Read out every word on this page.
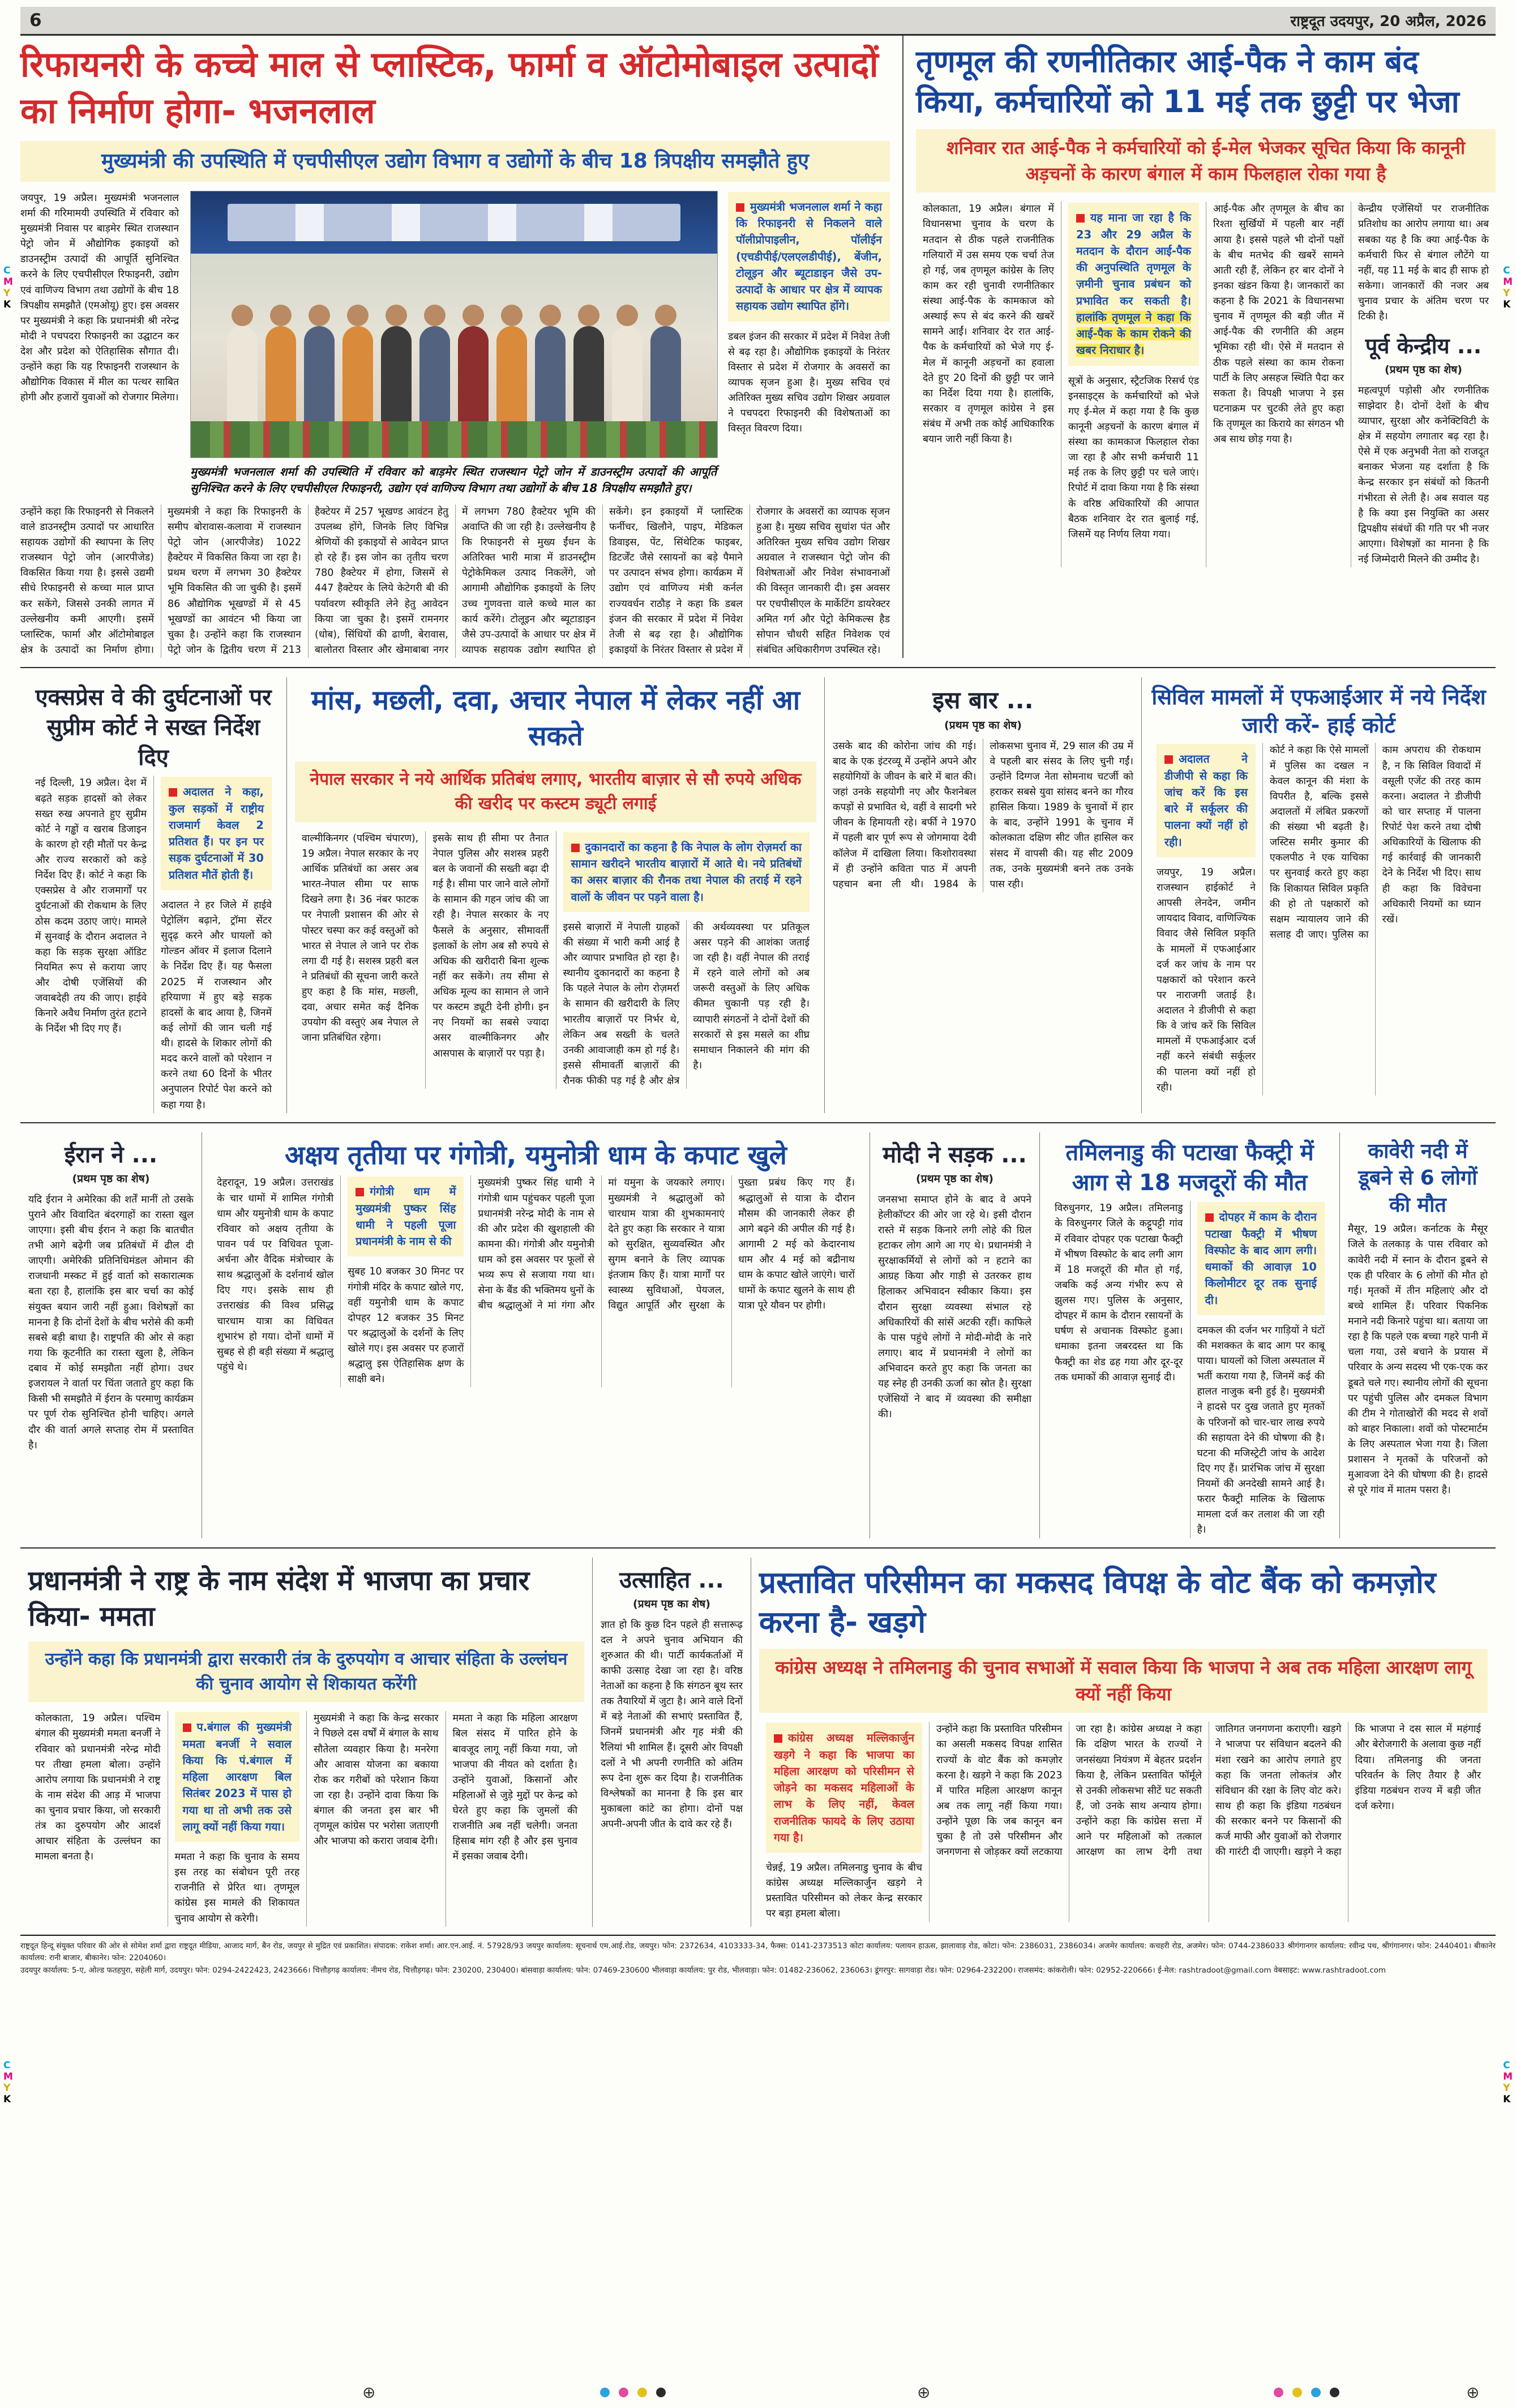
6	राष्ट्रदूत उदयपुर, 20 अप्रैल, 2026
रिफायनरी के कच्चे माल से प्लास्टिक, फार्मा व ऑटोमोबाइल उत्पादों का निर्माण होगा- भजनलाल
मुख्यमंत्री की उपस्थिति में एचपीसीएल उद्योग विभाग व उद्योगों के बीच 18 त्रिपक्षीय समझौते हुए
जयपुर, 19 अप्रैल। मुख्यमंत्री भजनलाल शर्मा की गरिमामयी उपस्थिति में रविवार को मुख्यमंत्री निवास पर बाड़मेर स्थित राजस्थान पेट्रो जोन में औद्योगिक इकाइयों को डाउनस्ट्रीम उत्पादों की आपूर्ति सुनिश्चित करने के लिए एचपीसीएल रिफाइनरी, उद्योग एवं वाणिज्य विभाग तथा उद्योगों के बीच 18 त्रिपक्षीय समझौते (एमओयू) हुए। इस अवसर पर मुख्यमंत्री ने कहा कि प्रधानमंत्री श्री नरेन्द्र मोदी ने पचपदरा रिफाइनरी का उद्घाटन कर देश और प्रदेश को ऐतिहासिक सौगात दी। उन्होंने कहा कि यह रिफाइनरी राजस्थान के औद्योगिक विकास में मील का पत्थर साबित होगी और हजारों युवाओं को रोजगार मिलेगा।
मुख्यमंत्री भजनलाल शर्मा की उपस्थिति में रविवार को बाड़मेर स्थित राजस्थान पेट्रो जोन में डाउनस्ट्रीम उत्पादों की आपूर्ति सुनिश्चित करने के लिए एचपीसीएल रिफाइनरी, उद्योग एवं वाणिज्य विभाग तथा उद्योगों के बीच 18 त्रिपक्षीय समझौते हुए।
मुख्यमंत्री भजनलाल शर्मा ने कहा कि रिफाइनरी से निकलने वाले पॉलीप्रोपाइलीन, पॉलीईन (एचडीपीई/एलएलडीपीई), बेंजीन, टोलूइन और ब्यूटाडाइन जैसे उप-उत्पादों के आधार पर क्षेत्र में व्यापक सहायक उद्योग स्थापित होंगे।
डबल इंजन की सरकार में प्रदेश में निवेश तेजी से बढ़ रहा है। औद्योगिक इकाइयों के निरंतर विस्तार से प्रदेश में रोजगार के अवसरों का व्यापक सृजन हुआ है। मुख्य सचिव एवं अतिरिक्त मुख्य सचिव उद्योग शिखर अग्रवाल ने पचपदरा रिफाइनरी की विशेषताओं का विस्तृत विवरण दिया।
उन्होंने कहा कि रिफाइनरी से निकलने वाले डाउनस्ट्रीम उत्पादों पर आधारित सहायक उद्योगों की स्थापना के लिए राजस्थान पेट्रो जोन (आरपीजेड) विकसित किया गया है। इससे उद्यमी सीधे रिफाइनरी से कच्चा माल प्राप्त कर सकेंगे, जिससे उनकी लागत में उल्लेखनीय कमी आएगी। इसमें प्लास्टिक, फार्मा और ऑटोमोबाइल क्षेत्र के उत्पादों का निर्माण होगा। मुख्यमंत्री ने कहा कि रिफाइनरी के समीप बोरावास-कलावा में राजस्थान पेट्रो जोन (आरपीजेड) 1022 हैक्टेयर में विकसित किया जा रहा है। प्रथम चरण में लगभग 30 हैक्टेयर भूमि विकसित की जा चुकी है। इसमें 86 औद्योगिक भूखण्डों में से 45 भूखण्डों का आवंटन भी किया जा चुका है। उन्होंने कहा कि राजस्थान पेट्रो जोन के द्वितीय चरण में 213 हैक्टेयर में 257 भूखण्ड आवंटन हेतु उपलब्ध होंगे, जिनके लिए विभिन्न श्रेणियों की इकाइयों से आवेदन प्राप्त हो रहे हैं। इस जोन का तृतीय चरण 780 हैक्टेयर में होगा, जिसमें से 447 हैक्टेयर के लिये केटेगरी बी की पर्यावरण स्वीकृति लेने हेतु आवेदन किया जा चुका है। इसमें रामनगर (धोब), सिंधियों की ढाणी, बेरावास, बालोतरा विस्तार और खेमाबाबा नगर में लगभग 780 हैक्टेयर भूमि की अवाप्ति की जा रही है। उल्लेखनीय है कि रिफाइनरी से मुख्य ईंधन के अतिरिक्त भारी मात्रा में डाउनस्ट्रीम पेट्रोकेमिकल उत्पाद निकलेंगे, जो आगामी औद्योगिक इकाइयों के लिए उच्च गुणवत्ता वाले कच्चे माल का कार्य करेंगे। टोलूइन और ब्यूटाडाइन जैसे उप-उत्पादों के आधार पर क्षेत्र में व्यापक सहायक उद्योग स्थापित हो सकेंगे। इन इकाइयों में प्लास्टिक फर्नीचर, खिलौने, पाइप, मेडिकल डिवाइस, पेंट, सिंथेटिक फाइबर, डिटर्जेंट जैसे रसायनों का बड़े पैमाने पर उत्पादन संभव होगा। कार्यक्रम में उद्योग एवं वाणिज्य मंत्री कर्नल राज्यवर्धन राठौड़ ने कहा कि डबल इंजन की सरकार में प्रदेश में निवेश तेजी से बढ़ रहा है। औद्योगिक इकाइयों के निरंतर विस्तार से प्रदेश में रोजगार के अवसरों का व्यापक सृजन हुआ है। मुख्य सचिव सुधांश पंत और अतिरिक्त मुख्य सचिव उद्योग शिखर अग्रवाल ने राजस्थान पेट्रो जोन की विशेषताओं और निवेश संभावनाओं की विस्तृत जानकारी दी। इस अवसर पर एचपीसीएल के मार्केटिंग डायरेक्टर अमित गर्ग और पेट्रो केमिकल्स हैड सोपान चौधरी सहित निवेशक एवं संबंधित अधिकारीगण उपस्थित रहे।
तृणमूल की रणनीतिकार आई-पैक ने काम बंद किया, कर्मचारियों को 11 मई तक छुट्टी पर भेजा
शनिवार रात आई-पैक ने कर्मचारियों को ई-मेल भेजकर सूचित किया कि कानूनी अड़चनों के कारण बंगाल में काम फिलहाल रोका गया है
कोलकाता, 19 अप्रैल। बंगाल में विधानसभा चुनाव के चरण के मतदान से ठीक पहले राजनीतिक गलियारों में उस समय एक चर्चा तेज हो गई, जब तृणमूल कांग्रेस के लिए काम कर रही चुनावी रणनीतिकार संस्था आई-पैक के कामकाज को अस्थाई रूप से बंद करने की खबरें सामने आईं। शनिवार देर रात आई-पैक के कर्मचारियों को भेजे गए ई-मेल में कानूनी अड़चनों का हवाला देते हुए 20 दिनों की छुट्टी पर जाने का निर्देश दिया गया है। हालांकि, सरकार व तृणमूल कांग्रेस ने इस संबंध में अभी तक कोई आधिकारिक बयान जारी नहीं किया है।
यह माना जा रहा है कि 23 और 29 अप्रैल के मतदान के दौरान आई-पैक की अनुपस्थिति तृणमूल के ज़मीनी चुनाव प्रबंधन को प्रभावित कर सकती है। हालांकि तृणमूल ने कहा कि आई-पैक के काम रोकने की खबर निराधार है।
सूत्रों के अनुसार, स्ट्रैटजिक रिसर्च एंड इनसाइट्स के कर्मचारियों को भेजे गए ई-मेल में कहा गया है कि कुछ कानूनी अड़चनों के कारण बंगाल में संस्था का कामकाज फिलहाल रोका जा रहा है और सभी कर्मचारी 11 मई तक के लिए छुट्टी पर चले जाएं। रिपोर्ट में दावा किया गया है कि संस्था के वरिष्ठ अधिकारियों की आपात बैठक शनिवार देर रात बुलाई गई, जिसमें यह निर्णय लिया गया।
आई-पैक और तृणमूल के बीच का रिश्ता सुर्खियों में पहली बार नहीं आया है। इससे पहले भी दोनों पक्षों के बीच मतभेद की खबरें सामने आती रही हैं, लेकिन हर बार दोनों ने इनका खंडन किया है। जानकारों का कहना है कि 2021 के विधानसभा चुनाव में तृणमूल की बड़ी जीत में आई-पैक की रणनीति की अहम भूमिका रही थी। ऐसे में मतदान से ठीक पहले संस्था का काम रोकना पार्टी के लिए असहज स्थिति पैदा कर सकता है। विपक्षी भाजपा ने इस घटनाक्रम पर चुटकी लेते हुए कहा कि तृणमूल का किराये का संगठन भी अब साथ छोड़ गया है।
केन्द्रीय एजेंसियों पर राजनीतिक प्रतिशोध का आरोप लगाया था। अब सबका यह है कि क्या आई-पैक के कर्मचारी फिर से बंगाल लौटेंगे या नहीं, यह 11 मई के बाद ही साफ हो सकेगा। जानकारों की नजर अब चुनाव प्रचार के अंतिम चरण पर टिकी है।
पूर्व केन्द्रीय ...
(प्रथम पृष्ठ का शेष)
महत्वपूर्ण पड़ोसी और रणनीतिक साझेदार है। दोनों देशों के बीच व्यापार, सुरक्षा और कनेक्टिविटी के क्षेत्र में सहयोग लगातार बढ़ रहा है। ऐसे में एक अनुभवी नेता को राजदूत बनाकर भेजना यह दर्शाता है कि केन्द्र सरकार इन संबंधों को कितनी गंभीरता से लेती है। अब सवाल यह है कि क्या इस नियुक्ति का असर द्विपक्षीय संबंधों की गति पर भी नजर आएगा। विशेषज्ञों का मानना है कि नई जिम्मेदारी मिलने की उम्मीद है।
एक्सप्रेस वे की दुर्घटनाओं पर सुप्रीम कोर्ट ने सख्त निर्देश दिए
नई दिल्ली, 19 अप्रैल। देश में बढ़ते सड़क हादसों को लेकर सख्त रुख अपनाते हुए सुप्रीम कोर्ट ने गड्ढों व खराब डिजाइन के कारण हो रही मौतों पर केन्द्र और राज्य सरकारों को कड़े निर्देश दिए हैं। कोर्ट ने कहा कि एक्सप्रेस वे और राजमार्गों पर दुर्घटनाओं की रोकथाम के लिए ठोस कदम उठाए जाएं। मामले में सुनवाई के दौरान अदालत ने कहा कि सड़क सुरक्षा ऑडिट नियमित रूप से कराया जाए और दोषी एजेंसियों की जवाबदेही तय की जाए। हाईवे किनारे अवैध निर्माण तुरंत हटाने के निर्देश भी दिए गए हैं।
अदालत ने कहा, कुल सड़कों में राष्ट्रीय राजमार्ग केवल 2 प्रतिशत हैं। पर इन पर सड़क दुर्घटनाओं में 30 प्रतिशत मौतें होती हैं।
अदालत ने हर जिले में हाईवे पेट्रोलिंग बढ़ाने, ट्रॉमा सेंटर सुदृढ़ करने और घायलों को गोल्डन ऑवर में इलाज दिलाने के निर्देश दिए हैं। यह फैसला 2025 में राजस्थान और हरियाणा में हुए बड़े सड़क हादसों के बाद आया है, जिनमें कई लोगों की जान चली गई थी। हादसे के शिकार लोगों की मदद करने वालों को परेशान न करने तथा 60 दिनों के भीतर अनुपालन रिपोर्ट पेश करने को कहा गया है।
मांस, मछली, दवा, अचार नेपाल में लेकर नहीं आ सकते
नेपाल सरकार ने नये आर्थिक प्रतिबंध लगाए, भारतीय बाज़ार से सौ रुपये अधिक की खरीद पर कस्टम ड्यूटी लगाई
वाल्मीकिनगर (पश्चिम चंपारण), 19 अप्रैल। नेपाल सरकार के नए आर्थिक प्रतिबंधों का असर अब भारत-नेपाल सीमा पर साफ दिखने लगा है। 36 नंबर फाटक पर नेपाली प्रशासन की ओर से पोस्टर चस्पा कर कई वस्तुओं को भारत से नेपाल ले जाने पर रोक लगा दी गई है। सशस्त्र प्रहरी बल ने प्रतिबंधों की सूचना जारी करते हुए कहा है कि मांस, मछली, दवा, अचार समेत कई दैनिक उपयोग की वस्तुएं अब नेपाल ले जाना प्रतिबंधित रहेगा।
इसके साथ ही सीमा पर तैनात नेपाल पुलिस और सशस्त्र प्रहरी बल के जवानों की सख्ती बढ़ा दी गई है। सीमा पार जाने वाले लोगों के सामान की गहन जांच की जा रही है। नेपाल सरकार के नए फैसले के अनुसार, सीमावर्ती इलाकों के लोग अब सौ रुपये से अधिक की खरीदारी बिना शुल्क नहीं कर सकेंगे। तय सीमा से अधिक मूल्य का सामान ले जाने पर कस्टम ड्यूटी देनी होगी। इन नए नियमों का सबसे ज्यादा असर वाल्मीकिनगर और आसपास के बाज़ारों पर पड़ा है।
दुकानदारों का कहना है कि नेपाल के लोग रोज़मर्रा का सामान खरीदने भारतीय बाज़ारों में आते थे। नये प्रतिबंधों का असर बाज़ार की रौनक तथा नेपाल की तराई में रहने वालों के जीवन पर पड़ने वाला है।
इससे बाज़ारों में नेपाली ग्राहकों की संख्या में भारी कमी आई है और व्यापार प्रभावित हो रहा है। स्थानीय दुकानदारों का कहना है कि पहले नेपाल के लोग रोज़मर्रा के सामान की खरीदारी के लिए भारतीय बाज़ारों पर निर्भर थे, लेकिन अब सख्ती के चलते उनकी आवाजाही कम हो गई है। इससे सीमावर्ती बाज़ारों की रौनक फीकी पड़ गई है और क्षेत्र की अर्थव्यवस्था पर प्रतिकूल असर पड़ने की आशंका जताई जा रही है। वहीं नेपाल की तराई में रहने वाले लोगों को अब जरूरी वस्तुओं के लिए अधिक कीमत चुकानी पड़ रही है। व्यापारी संगठनों ने दोनों देशों की सरकारों से इस मसले का शीघ्र समाधान निकालने की मांग की है।
इस बार ...
(प्रथम पृष्ठ का शेष)
उसके बाद की कोरोना जांच की गई। बाद के एक इंटरव्यू में उन्होंने अपने और सहयोगियों के जीवन के बारे में बात की। जहां उनके सहयोगी नए और फैशनेबल कपड़ों से प्रभावित थे, वहीं वे सादगी भरे जीवन के हिमायती रहे। बर्फी ने 1970 में पहली बार पूर्ण रूप से जोगमाया देवी कॉलेज में दाखिला लिया। किशोरावस्था में ही उन्होंने कविता पाठ में अपनी पहचान बना ली थी। 1984 के लोकसभा चुनाव में, 29 साल की उम्र में वे पहली बार संसद के लिए चुनी गईं। उन्होंने दिग्गज नेता सोमनाथ चटर्जी को हराकर सबसे युवा सांसद बनने का गौरव हासिल किया। 1989 के चुनावों में हार के बाद, उन्होंने 1991 के चुनाव में कोलकाता दक्षिण सीट जीत हासिल कर संसद में वापसी की। यह सीट 2009 तक, उनके मुख्यमंत्री बनने तक उनके पास रही।
सिविल मामलों में एफआईआर में नये निर्देश जारी करें- हाई कोर्ट
अदालत ने डीजीपी से कहा कि जांच करें कि इस बारे में सर्कूलर की पालना क्यों नहीं हो रही।
जयपुर, 19 अप्रैल। राजस्थान हाईकोर्ट ने आपसी लेनदेन, जमीन जायदाद विवाद, वाणिज्यिक विवाद जैसे सिविल प्रकृति के मामलों में एफआईआर दर्ज कर जांच के नाम पर पक्षकारों को परेशान करने पर नाराजगी जताई है। अदालत ने डीजीपी से कहा कि वे जांच करें कि सिविल मामलों में एफआईआर दर्ज नहीं करने संबंधी सर्कूलर की पालना क्यों नहीं हो रही।
कोर्ट ने कहा कि ऐसे मामलों में पुलिस का दखल न केवल कानून की मंशा के विपरीत है, बल्कि इससे अदालतों में लंबित प्रकरणों की संख्या भी बढ़ती है। जस्टिस समीर कुमार की एकलपीठ ने एक याचिका पर सुनवाई करते हुए कहा कि शिकायत सिविल प्रकृति की हो तो पक्षकारों को सक्षम न्यायालय जाने की सलाह दी जाए। पुलिस का काम अपराध की रोकथाम है, न कि सिविल विवादों में वसूली एजेंट की तरह काम करना। अदालत ने डीजीपी को चार सप्ताह में पालना रिपोर्ट पेश करने तथा दोषी अधिकारियों के खिलाफ की गई कार्रवाई की जानकारी देने के निर्देश भी दिए। साथ ही कहा कि विवेचना अधिकारी नियमों का ध्यान रखें।
ईरान ने ...
(प्रथम पृष्ठ का शेष)
यदि ईरान ने अमेरिका की शर्तें मानीं तो उसके पुराने और विवादित बंदरगाहों का रास्ता खुल जाएगा। इसी बीच ईरान ने कहा कि बातचीत तभी आगे बढ़ेगी जब प्रतिबंधों में ढील दी जाएगी। अमेरिकी प्रतिनिधिमंडल ओमान की राजधानी मस्कट में हुई वार्ता को सकारात्मक बता रहा है, हालांकि इस बार चर्चा का कोई संयुक्त बयान जारी नहीं हुआ। विशेषज्ञों का मानना है कि दोनों देशों के बीच भरोसे की कमी सबसे बड़ी बाधा है। राष्ट्रपति की ओर से कहा गया कि कूटनीति का रास्ता खुला है, लेकिन दबाव में कोई समझौता नहीं होगा। उधर इजरायल ने वार्ता पर चिंता जताते हुए कहा कि किसी भी समझौते में ईरान के परमाणु कार्यक्रम पर पूर्ण रोक सुनिश्चित होनी चाहिए। अगले दौर की वार्ता अगले सप्ताह रोम में प्रस्तावित है।
अक्षय तृतीया पर गंगोत्री, यमुनोत्री धाम के कपाट खुले
देहरादून, 19 अप्रैल। उत्तराखंड के चार धामों में शामिल गंगोत्री धाम और यमुनोत्री धाम के कपाट रविवार को अक्षय तृतीया के पावन पर्व पर विधिवत पूजा-अर्चना और वैदिक मंत्रोच्चार के साथ श्रद्धालुओं के दर्शनार्थ खोल दिए गए। इसके साथ ही उत्तराखंड की विश्व प्रसिद्ध चारधाम यात्रा का विधिवत शुभारंभ हो गया। दोनों धामों में सुबह से ही बड़ी संख्या में श्रद्धालु पहुंचे थे।
गंगोत्री धाम में मुख्यमंत्री पुष्कर सिंह धामी ने पहली पूजा प्रधानमंत्री के नाम से की
सुबह 10 बजकर 30 मिनट पर गंगोत्री मंदिर के कपाट खोले गए, वहीं यमुनोत्री धाम के कपाट दोपहर 12 बजकर 35 मिनट पर श्रद्धालुओं के दर्शनों के लिए खोले गए। इस अवसर पर हजारों श्रद्धालु इस ऐतिहासिक क्षण के साक्षी बने।
मुख्यमंत्री पुष्कर सिंह धामी ने गंगोत्री धाम पहुंचकर पहली पूजा प्रधानमंत्री नरेन्द्र मोदी के नाम से की और प्रदेश की खुशहाली की कामना की। गंगोत्री और यमुनोत्री धाम को इस अवसर पर फूलों से भव्य रूप से सजाया गया था। सेना के बैंड की भक्तिमय धुनों के बीच श्रद्धालुओं ने मां गंगा और मां यमुना के जयकारे लगाए। मुख्यमंत्री ने श्रद्धालुओं को चारधाम यात्रा की शुभकामनाएं देते हुए कहा कि सरकार ने यात्रा को सुरक्षित, सुव्यवस्थित और सुगम बनाने के लिए व्यापक इंतजाम किए हैं। यात्रा मार्गों पर स्वास्थ्य सुविधाओं, पेयजल, विद्युत आपूर्ति और सुरक्षा के पुख्ता प्रबंध किए गए हैं। श्रद्धालुओं से यात्रा के दौरान मौसम की जानकारी लेकर ही आगे बढ़ने की अपील की गई है। आगामी 2 मई को केदारनाथ धाम और 4 मई को बद्रीनाथ धाम के कपाट खोले जाएंगे। चारों धामों के कपाट खुलने के साथ ही यात्रा पूरे यौवन पर होगी।
मोदी ने सड़क ...
(प्रथम पृष्ठ का शेष)
जनसभा समाप्त होने के बाद वे अपने हेलीकॉप्टर की ओर जा रहे थे। इसी दौरान रास्ते में सड़क किनारे लगी लोहे की ग्रिल हटाकर लोग आगे आ गए थे। प्रधानमंत्री ने सुरक्षाकर्मियों से लोगों को न हटाने का आग्रह किया और गाड़ी से उतरकर हाथ हिलाकर अभिवादन स्वीकार किया। इस दौरान सुरक्षा व्यवस्था संभाल रहे अधिकारियों की सांसें अटकी रहीं। काफिले के पास पहुंचे लोगों ने मोदी-मोदी के नारे लगाए। बाद में प्रधानमंत्री ने लोगों का अभिवादन करते हुए कहा कि जनता का यह स्नेह ही उनकी ऊर्जा का स्रोत है। सुरक्षा एजेंसियों ने बाद में व्यवस्था की समीक्षा की।
तमिलनाडु की पटाखा फैक्ट्री में आग से 18 मजदूरों की मौत
विरुधुनगर, 19 अप्रैल। तमिलनाडु के विरुधुनगर जिले के कट्टूपट्टी गांव में रविवार दोपहर एक पटाखा फैक्ट्री में भीषण विस्फोट के बाद लगी आग में 18 मजदूरों की मौत हो गई, जबकि कई अन्य गंभीर रूप से झुलस गए। पुलिस के अनुसार, दोपहर में काम के दौरान रसायनों के घर्षण से अचानक विस्फोट हुआ। धमाका इतना जबरदस्त था कि फैक्ट्री का शेड ढह गया और दूर-दूर तक धमाकों की आवाज़ सुनाई दी।
दोपहर में काम के दौरान पटाखा फैक्ट्री में भीषण विस्फोट के बाद आग लगी। धमाकों की आवाज़ 10 किलोमीटर दूर तक सुनाई दी।
दमकल की दर्जन भर गाड़ियों ने घंटों की मशक्कत के बाद आग पर काबू पाया। घायलों को जिला अस्पताल में भर्ती कराया गया है, जिनमें कई की हालत नाजुक बनी हुई है। मुख्यमंत्री ने हादसे पर दुख जताते हुए मृतकों के परिजनों को चार-चार लाख रुपये की सहायता देने की घोषणा की है। घटना की मजिस्ट्रेटी जांच के आदेश दिए गए हैं। प्रारंभिक जांच में सुरक्षा नियमों की अनदेखी सामने आई है। फरार फैक्ट्री मालिक के खिलाफ मामला दर्ज कर तलाश की जा रही है।
कावेरी नदी में डूबने से 6 लोगों की मौत
मैसूर, 19 अप्रैल। कर्नाटक के मैसूर जिले के तलकाड़ के पास रविवार को कावेरी नदी में स्नान के दौरान डूबने से एक ही परिवार के 6 लोगों की मौत हो गई। मृतकों में तीन महिलाएं और दो बच्चे शामिल हैं। परिवार पिकनिक मनाने नदी किनारे पहुंचा था। बताया जा रहा है कि पहले एक बच्चा गहरे पानी में चला गया, उसे बचाने के प्रयास में परिवार के अन्य सदस्य भी एक-एक कर डूबते चले गए। स्थानीय लोगों की सूचना पर पहुंची पुलिस और दमकल विभाग की टीम ने गोताखोरों की मदद से शवों को बाहर निकाला। शवों को पोस्टमार्टम के लिए अस्पताल भेजा गया है। जिला प्रशासन ने मृतकों के परिजनों को मुआवजा देने की घोषणा की है। हादसे से पूरे गांव में मातम पसरा है।
प्रधानमंत्री ने राष्ट्र के नाम संदेश में भाजपा का प्रचार किया- ममता
उन्होंने कहा कि प्रधानमंत्री द्वारा सरकारी तंत्र के दुरुपयोग व आचार संहिता के उल्लंघन की चुनाव आयोग से शिकायत करेंगी
कोलकाता, 19 अप्रैल। पश्चिम बंगाल की मुख्यमंत्री ममता बनर्जी ने रविवार को प्रधानमंत्री नरेन्द्र मोदी पर तीखा हमला बोला। उन्होंने आरोप लगाया कि प्रधानमंत्री ने राष्ट्र के नाम संदेश की आड़ में भाजपा का चुनाव प्रचार किया, जो सरकारी तंत्र का दुरुपयोग और आदर्श आचार संहिता के उल्लंघन का मामला बनता है।
प.बंगाल की मुख्यमंत्री ममता बनर्जी ने सवाल किया कि पं.बंगाल में महिला आरक्षण बिल सितंबर 2023 में पास हो गया था तो अभी तक उसे लागू क्यों नहीं किया गया।
ममता ने कहा कि चुनाव के समय इस तरह का संबोधन पूरी तरह राजनीति से प्रेरित था। तृणमूल कांग्रेस इस मामले की शिकायत चुनाव आयोग से करेगी।
मुख्यमंत्री ने कहा कि केन्द्र सरकार ने पिछले दस वर्षों में बंगाल के साथ सौतेला व्यवहार किया है। मनरेगा और आवास योजना का बकाया रोक कर गरीबों को परेशान किया जा रहा है। उन्होंने दावा किया कि बंगाल की जनता इस बार भी तृणमूल कांग्रेस पर भरोसा जताएगी और भाजपा को करारा जवाब देगी।
ममता ने कहा कि महिला आरक्षण बिल संसद में पारित होने के बावजूद लागू नहीं किया गया, जो भाजपा की नीयत को दर्शाता है। उन्होंने युवाओं, किसानों और महिलाओं से जुड़े मुद्दों पर केन्द्र को घेरते हुए कहा कि जुमलों की राजनीति अब नहीं चलेगी। जनता हिसाब मांग रही है और इस चुनाव में इसका जवाब देगी।
उत्साहित ...
(प्रथम पृष्ठ का शेष)
ज्ञात हो कि कुछ दिन पहले ही सत्तारूढ़ दल ने अपने चुनाव अभियान की शुरुआत की थी। पार्टी कार्यकर्ताओं में काफी उत्साह देखा जा रहा है। वरिष्ठ नेताओं का कहना है कि संगठन बूथ स्तर तक तैयारियों में जुटा है। आने वाले दिनों में बड़े नेताओं की सभाएं प्रस्तावित हैं, जिनमें प्रधानमंत्री और गृह मंत्री की रैलियां भी शामिल हैं। दूसरी ओर विपक्षी दलों ने भी अपनी रणनीति को अंतिम रूप देना शुरू कर दिया है। राजनीतिक विश्लेषकों का मानना है कि इस बार मुकाबला कांटे का होगा। दोनों पक्ष अपनी-अपनी जीत के दावे कर रहे हैं।
प्रस्तावित परिसीमन का मकसद विपक्ष के वोट बैंक को कमज़ोर करना है- खड़गे
कांग्रेस अध्यक्ष ने तमिलनाडु की चुनाव सभाओं में सवाल किया कि भाजपा ने अब तक महिला आरक्षण लागू क्यों नहीं किया
कांग्रेस अध्यक्ष मल्लिकार्जुन खड़गे ने कहा कि भाजपा का महिला आरक्षण को परिसीमन से जोड़ने का मकसद महिलाओं के लाभ के लिए नहीं, केवल राजनीतिक फायदे के लिए उठाया गया है।
चेन्नई, 19 अप्रैल। तमिलनाडु चुनाव के बीच कांग्रेस अध्यक्ष मल्लिकार्जुन खड़गे ने प्रस्तावित परिसीमन को लेकर केन्द्र सरकार पर बड़ा हमला बोला।
उन्होंने कहा कि प्रस्तावित परिसीमन का असली मकसद विपक्ष शासित राज्यों के वोट बैंक को कमज़ोर करना है। खड़गे ने कहा कि 2023 में पारित महिला आरक्षण कानून अब तक लागू नहीं किया गया। उन्होंने पूछा कि जब कानून बन चुका है तो उसे परिसीमन और जनगणना से जोड़कर क्यों लटकाया जा रहा है। कांग्रेस अध्यक्ष ने कहा कि दक्षिण भारत के राज्यों ने जनसंख्या नियंत्रण में बेहतर प्रदर्शन किया है, लेकिन प्रस्तावित फॉर्मूले से उनकी लोकसभा सीटें घट सकती हैं, जो उनके साथ अन्याय होगा। उन्होंने कहा कि कांग्रेस सत्ता में आने पर महिलाओं को तत्काल आरक्षण का लाभ देगी तथा जातिगत जनगणना कराएगी। खड़गे ने भाजपा पर संविधान बदलने की मंशा रखने का आरोप लगाते हुए कहा कि जनता लोकतंत्र और संविधान की रक्षा के लिए वोट करे। साथ ही कहा कि इंडिया गठबंधन की सरकार बनने पर किसानों की कर्ज माफी और युवाओं को रोजगार की गारंटी दी जाएगी। खड़गे ने कहा कि भाजपा ने दस साल में महंगाई और बेरोजगारी के अलावा कुछ नहीं दिया। तमिलनाडु की जनता परिवर्तन के लिए तैयार है और इंडिया गठबंधन राज्य में बड़ी जीत दर्ज करेगा।
राष्ट्रदूत हिन्दू संयुक्त परिवार की ओर से सोमेश शर्मा द्वारा राष्ट्रदूत मीडिया, आजाद मार्ग, बैन रोड, जयपुर से मुद्रित एवं प्रकाशित। संपादक: राकेश शर्मा। आर.एन.आई. नं. 57928/93 जयपुर कार्यालय: सूचनार्थ एम.आई.रोड, जयपुर। फोन: 2372634, 4103333-34, फैक्स: 0141-2373513 कोटा कार्यालय: पलायन हाऊस, झालावाड़ रोड, कोटा। फोन: 2386031, 2386034। अजमेर कार्यालय: कचहरी रोड, अजमेर। फोन: 0744-2386033 श्रीगंगानगर कार्यालय: रवीन्द्र पथ, श्रीगंगानगर। फोन: 2440401। बीकानेर कार्यालय: रानी बाजार, बीकानेर। फोन: 2204060।
उदयपुर कार्यालय: 5-ए, ओल्ड फतहपुरा, सहेली मार्ग, उदयपुर। फोन: 0294-2422423, 2423666। चित्तौड़गढ़ कार्यालय: नीमच रोड, चित्तौड़गढ़। फोन: 230200, 230400। बांसवाड़ा कार्यालय: फोन: 07469-230600 भीलवाड़ा कार्यालय: पुर रोड, भीलवाड़ा। फोन: 01482-236062, 236063। डूंगरपुर: सागवाड़ा रोड। फोन: 02964-232200। राजसमंद: कांकरोली। फोन: 02952-220666। ई-मेल: rashtradoot@gmail.com वेबसाइट: www.rashtradoot.com
⊕	⊕	⊕
C
M
Y
K
C
M
Y
K
C
M
Y
K
C
M
Y
K
